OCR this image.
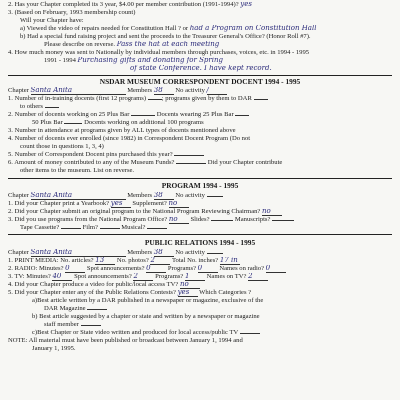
2. Has your Chapter completed its 3 year, $4.00 per member contribution (1991-1994)? yes
3. (Based on February, 1993 membership count)
Will your Chapter have:
a) Viewed the video of repairs needed for Constitution Hall ? or had a Program on Constitution Hall
b) Had a special fund raising project and sent the proceeds to the Treasurer General's Office? (Honor Roll #7).
Please describe on reverse. Pass the hat at each meeting
4. How much money was sent to Nationally by individual members through purchases, voices, etc. in 1994 - 1995
1991 - 1994 Purchasing gifts and donating for Spring
of state Conference. I have kept record.
NSDAR MUSEUM CORRESPONDENT DOCENT 1994 - 1995
Chapter Santa Anita	Members 38 No activity /
1. Number of in-training docents (first 12 programs) ; programs given by them to DAR
to others
2. Number of docents working on 25 Plus Bar	Docents wearing 25 Plus Bar
50 Plus Bar	Docents working on additional 100 programs
3. Number in attendance at programs given by ALL types of docents mentioned above
4. Number of docents ever enrolled (since 1982) in Correspondent Docent Program (Do not
count those in questions 1, 3, 4)
5. Number of Correspondent Docent pins purchased this year?
6. Amount of money contributed to any of the Museum Funds?	Did your Chapter contribute
other items to the museum. List on reverse.
PROGRAM 1994 - 1995
Chapter Santa Anita	Members 38 No activity
1. Did your Chapter print a Yearbook? yes Supplement? no
2. Did your Chapter submit an original program to the National Program Reviewing Chairman? no
3. Did you use programs from the National Program Office? no Slides?	Manuscripts?
Tape Cassette?	Film?	Musical?
PUBLIC RELATIONS 1994 - 1995
Chapter Santa Anita	Members 38 No activity
1. PRINT MEDIA: No. articles? 13 No. photos? 2	Total No. inches? 17 in
2. RADIO: Minutes? 0	Spot announcements? 0	Programs? 0	Names on radio? 0
3. TV: Minutes? 40 Spot announcements? 2	Programs? 1	Names on TV? 2
4. Did your Chapter produce a video for public/local access TV? no
5. Did your Chapter enter any of the Public Relations Contests? yes Which Categories ?
a)Best article written by a DAR published in a newspaper or magazine, exclusive of the
DAR Magazine
b) Best article suggested by a chapter or state and written by a newspaper or magazine
staff member
c)Best Chapter or State video written and produced for local access/public TV
NOTE: All material must have been published or broadcast between January 1, 1994 and
January 1, 1995.
